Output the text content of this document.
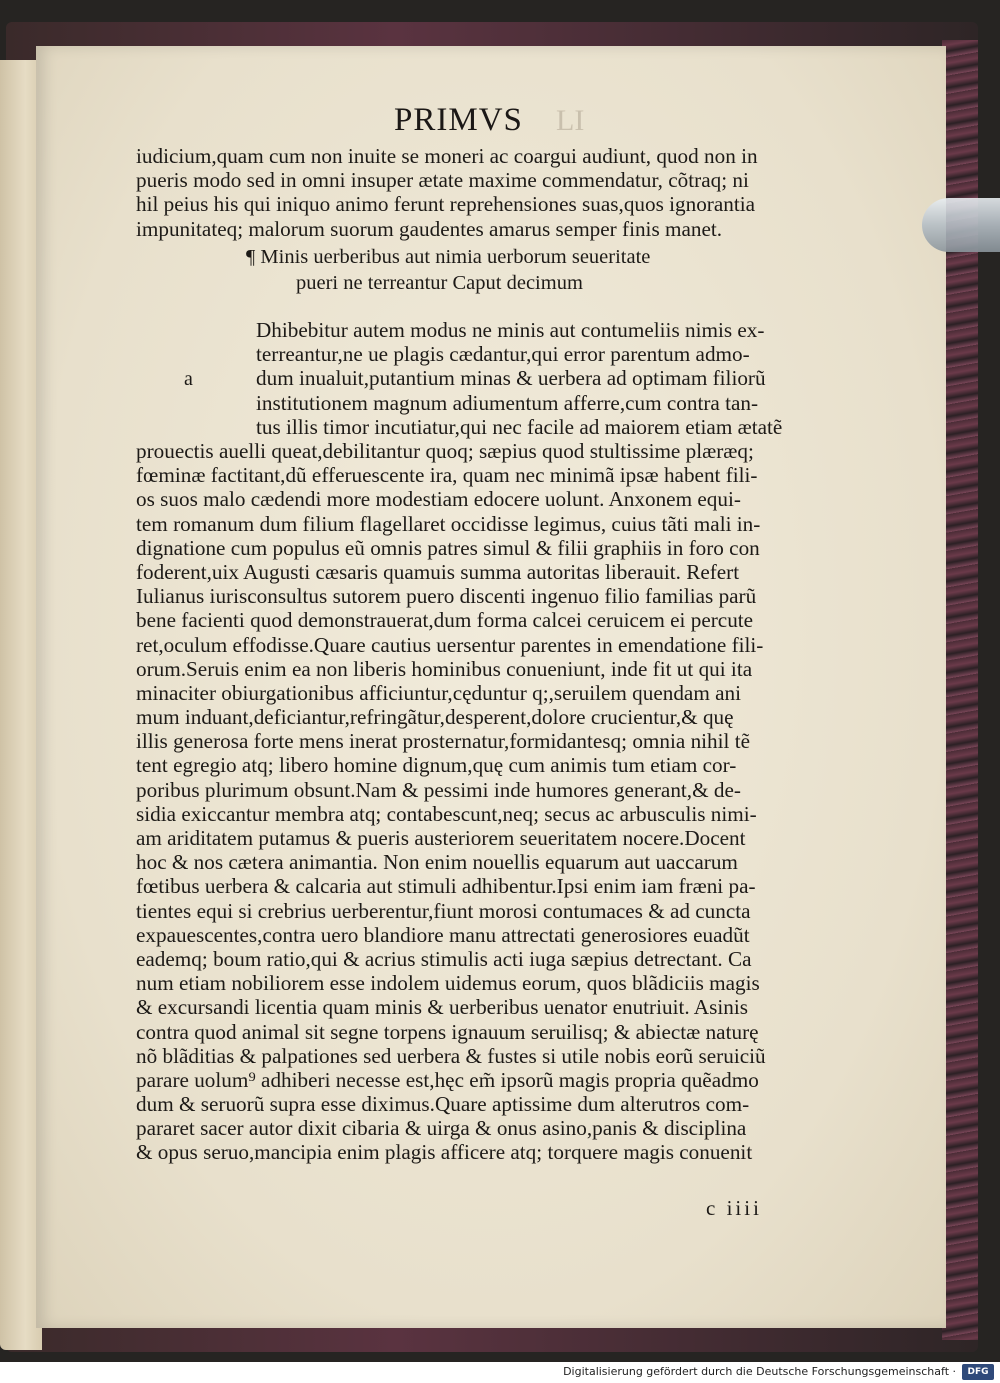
PRIMVS LI
iudicium,quam cum non inuite se moneri ac coargui audiunt, quod non in
pueris modo sed in omni insuper ætate maxime commendatur, cõtraq; ni
hil peius his qui iniquo animo ferunt reprehensiones suas,quos ignorantia
impunitateq; malorum suorum gaudentes amarus semper finis manet.
¶ Minis uerberibus aut nimia uerborum seueritate
pueri ne terreantur Caput decimum
a
Dhibebitur autem modus ne minis aut contumeliis nimis ex-
terreantur,ne ue plagis cædantur,qui error parentum admo-
dum inualuit,putantium minas & uerbera ad optimam filiorũ
institutionem magnum adiumentum afferre,cum contra tan-
tus illis timor incutiatur,qui nec facile ad maiorem etiam ætatẽ
prouectis auelli queat,debilitantur quoq; sæpius quod stultissime plæræq;
fœminæ factitant,dũ efferuescente ira, quam nec minimã ipsæ habent fili-
os suos malo cædendi more modestiam edocere uolunt. Anxonem equi-
tem romanum dum filium flagellaret occidisse legimus, cuius tãti mali in-
dignatione cum populus eũ omnis patres simul & filii graphiis in foro con
foderent,uix Augusti cæsaris quamuis summa autoritas liberauit. Refert
Iulianus iurisconsultus sutorem puero discenti ingenuo filio familias parũ
bene facienti quod demonstrauerat,dum forma calcei ceruicem ei percute
ret,oculum effodisse.Quare cautius uersentur parentes in emendatione fili-
orum.Seruis enim ea non liberis hominibus conueniunt, inde fit ut qui ita
minaciter obiurgationibus afficiuntur,cęduntur q;,seruilem quendam ani
mum induant,deficiantur,refringãtur,desperent,dolore crucientur,& quę
illis generosa forte mens inerat prosternatur,formidantesq; omnia nihil tẽ
tent egregio atq; libero homine dignum,quę cum animis tum etiam cor-
poribus plurimum obsunt.Nam & pessimi inde humores generant,& de-
sidia exiccantur membra atq; contabescunt,neq; secus ac arbusculis nimi-
am ariditatem putamus & pueris austeriorem seueritatem nocere.Docent
hoc & nos cætera animantia. Non enim nouellis equarum aut uaccarum
fœtibus uerbera & calcaria aut stimuli adhibentur.Ipsi enim iam fræni pa-
tientes equi si crebrius uerberentur,fiunt morosi contumaces & ad cuncta
expauescentes,contra uero blandiore manu attrectati generosiores euadũt
eademq; boum ratio,qui & acrius stimulis acti iuga sæpius detrectant. Ca
num etiam nobiliorem esse indolem uidemus eorum, quos blãdiciis magis
& excursandi licentia quam minis & uerberibus uenator enutriuit. Asinis
contra quod animal sit segne torpens ignauum seruilisq; & abiectæ naturę
nõ blãditias & palpationes sed uerbera & fustes si utile nobis eorũ seruiciũ
parare uolum⁹ adhiberi necesse est,hęc em̃ ipsorũ magis propria quẽadmo
dum & seruorũ supra esse diximus.Quare aptissime dum alterutros com-
pararet sacer autor dixit cibaria & uirga & onus asino,panis & disciplina
& opus seruo,mancipia enim plagis afficere atq; torquere magis conuenit
c iiii
Digitalisierung gefördert durch die Deutsche Forschungsgemeinschaft ·	DFG
